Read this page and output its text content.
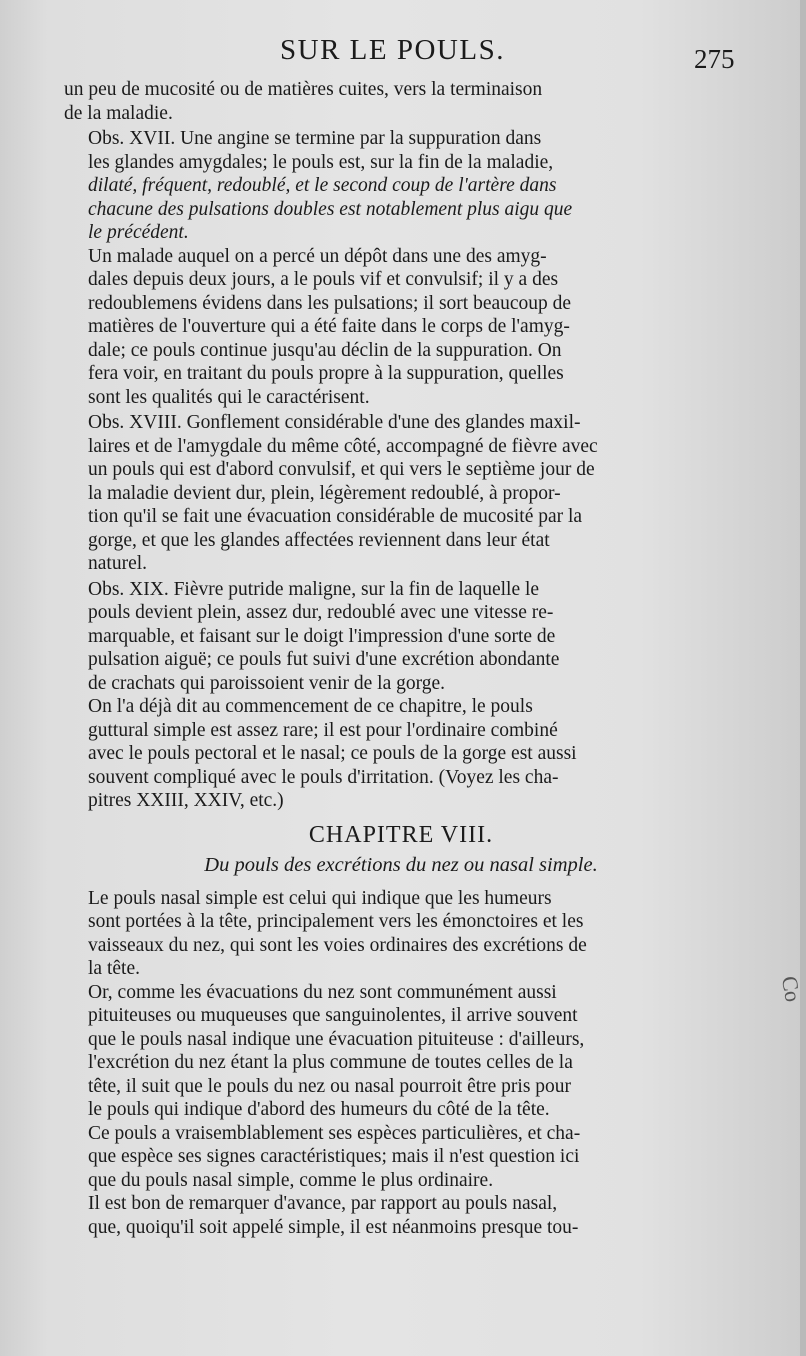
SUR LE POULS.	275

un peu de mucosité ou de matières cuites, vers la terminaison
de la maladie.

Obs. XVII. Une angine se termine par la suppuration dans
les glandes amygdales; le pouls est, sur la fin de la maladie,
dilaté, fréquent, redoublé, et le second coup de l'artère dans
chacune des pulsations doubles est notablement plus aigu que
le précédent.

Un malade auquel on a percé un dépôt dans une des amyg-
dales depuis deux jours, a le pouls vif et convulsif; il y a des
redoublemens évidens dans les pulsations; il sort beaucoup de
matières de l'ouverture qui a été faite dans le corps de l'amyg-
dale; ce pouls continue jusqu'au déclin de la suppuration. On
fera voir, en traitant du pouls propre à la suppuration, quelles
sont les qualités qui le caractérisent.

Obs. XVIII. Gonflement considérable d'une des glandes maxil-
laires et de l'amygdale du même côté, accompagné de fièvre avec
un pouls qui est d'abord convulsif, et qui vers le septième jour de
la maladie devient dur, plein, légèrement redoublé, à propor-
tion qu'il se fait une évacuation considérable de mucosité par la
gorge, et que les glandes affectées reviennent dans leur état
naturel.

Obs. XIX. Fièvre putride maligne, sur la fin de laquelle le
pouls devient plein, assez dur, redoublé avec une vitesse re-
marquable, et faisant sur le doigt l'impression d'une sorte de
pulsation aiguë; ce pouls fut suivi d'une excrétion abondante
de crachats qui paroissoient venir de la gorge.

On l'a déjà dit au commencement de ce chapitre, le pouls
guttural simple est assez rare; il est pour l'ordinaire combiné
avec le pouls pectoral et le nasal; ce pouls de la gorge est aussi
souvent compliqué avec le pouls d'irritation. (Voyez les cha-
pitres XXIII, XXIV, etc.)

CHAPITRE VIII.
Du pouls des excrétions du nez ou nasal simple.

Le pouls nasal simple est celui qui indique que les humeurs
sont portées à la tête, principalement vers les émonctoires et les
vaisseaux du nez, qui sont les voies ordinaires des excrétions de
la tête.

Or, comme les évacuations du nez sont communément aussi
pituiteuses ou muqueuses que sanguinolentes, il arrive souvent
que le pouls nasal indique une évacuation pituiteuse : d'ailleurs,
l'excrétion du nez étant la plus commune de toutes celles de la
tête, il suit que le pouls du nez ou nasal pourroit être pris pour
le pouls qui indique d'abord des humeurs du côté de la tête.

Ce pouls a vraisemblablement ses espèces particulières, et cha-
que espèce ses signes caractéristiques; mais il n'est question ici
que du pouls nasal simple, comme le plus ordinaire.

Il est bon de remarquer d'avance, par rapport au pouls nasal,
que, quoiqu'il soit appelé simple, il est néanmoins presque tou-

Co
